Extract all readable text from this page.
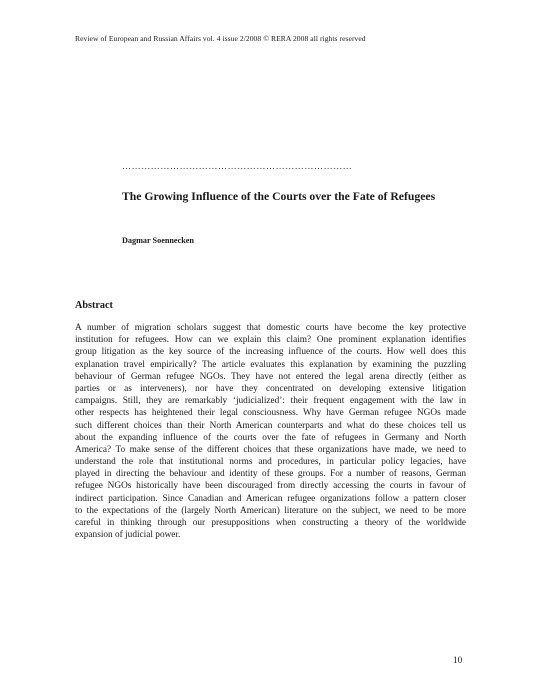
Review of European and Russian Affairs vol. 4 issue 2/2008 © RERA 2008 all rights reserved
………………………………………………………………
The Growing Influence of the Courts over the Fate of Refugees
Dagmar Soennecken
Abstract
A number of migration scholars suggest that domestic courts have become the key protective
institution for refugees. How can we explain this claim? One prominent explanation identifies
group litigation as the key source of the increasing influence of the courts. How well does this
explanation travel empirically? The article evaluates this explanation by examining the puzzling
behaviour of German refugee NGOs. They have not entered the legal arena directly (either as
parties or as interveners), nor have they concentrated on developing extensive litigation
campaigns. Still, they are remarkably ‘judicialized’: their frequent engagement with the law in
other respects has heightened their legal consciousness. Why have German refugee NGOs made
such different choices than their North American counterparts and what do these choices tell us
about the expanding influence of the courts over the fate of refugees in Germany and North
America? To make sense of the different choices that these organizations have made, we need to
understand the role that institutional norms and procedures, in particular policy legacies, have
played in directing the behaviour and identity of these groups. For a number of reasons, German
refugee NGOs historically have been discouraged from directly accessing the courts in favour of
indirect participation. Since Canadian and American refugee organizations follow a pattern closer
to the expectations of the (largely North American) literature on the subject, we need to be more
careful in thinking through our presuppositions when constructing a theory of the worldwide
expansion of judicial power.
10
